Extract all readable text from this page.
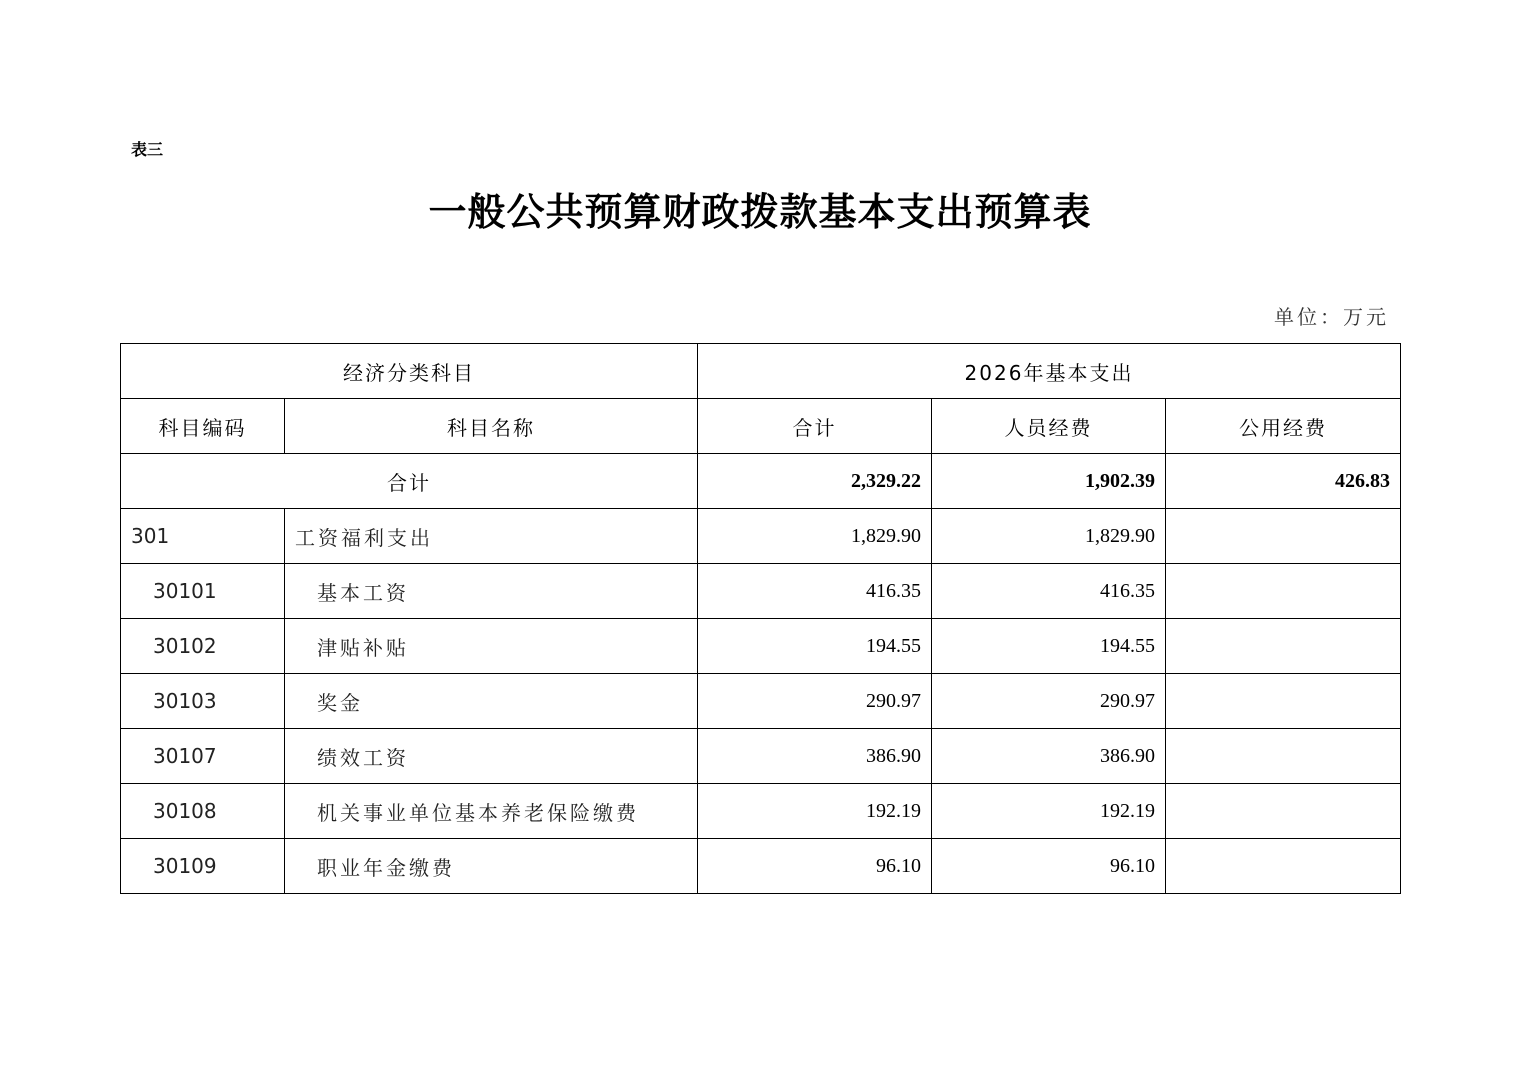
表三
一般公共预算财政拨款基本支出预算表
单位：万元
经济分类科目		2026年基本支出		
科目编码	科目名称	合计	人员经费	公用经费
合计		2,329.22	1,902.39	426.83
301	工资福利支出	1,829.90	1,829.90	
30101	基本工资	416.35	416.35	
30102	津贴补贴	194.55	194.55	
30103	奖金	290.97	290.97	
30107	绩效工资	386.90	386.90	
30108	机关事业单位基本养老保险缴费	192.19	192.19	
30109	职业年金缴费	96.10	96.10	
